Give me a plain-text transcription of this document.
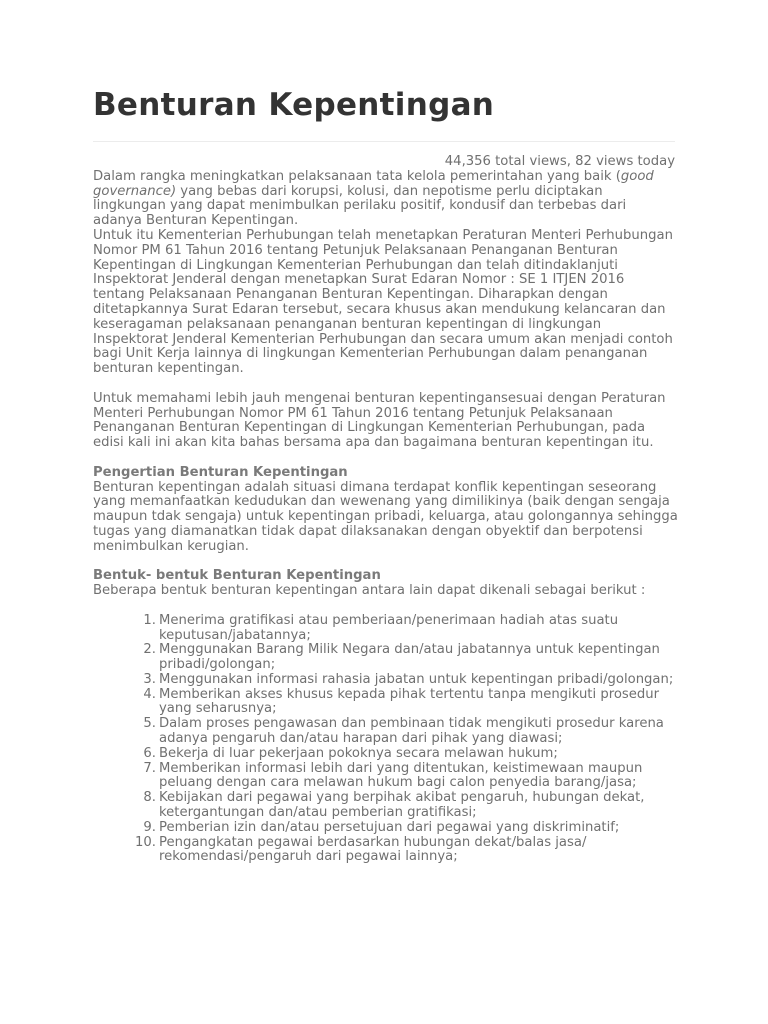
Benturan Kepentingan
44,356 total views, 82 views today

Dalam rangka meningkatkan pelaksanaan tata kelola pemerintahan yang baik (good governance) yang bebas dari korupsi, kolusi, dan nepotisme perlu diciptakan lingkungan yang dapat menimbulkan perilaku positif, kondusif dan terbebas dari adanya Benturan Kepentingan.

Untuk itu Kementerian Perhubungan telah menetapkan Peraturan Menteri Perhubungan Nomor PM 61 Tahun 2016 tentang Petunjuk Pelaksanaan Penanganan Benturan Kepentingan di Lingkungan Kementerian Perhubungan dan telah ditindaklanjuti Inspektorat Jenderal dengan menetapkan Surat Edaran Nomor : SE 1 ITJEN 2016 tentang Pelaksanaan Penanganan Benturan Kepentingan. Diharapkan dengan ditetapkannya Surat Edaran tersebut, secara khusus akan mendukung kelancaran dan keseragaman pelaksanaan penanganan benturan kepentingan di lingkungan Inspektorat Jenderal Kementerian Perhubungan dan secara umum akan menjadi contoh bagi Unit Kerja lainnya di lingkungan Kementerian Perhubungan dalam penanganan benturan kepentingan.

Untuk memahami lebih jauh mengenai benturan kepentingansesuai dengan Peraturan Menteri Perhubungan Nomor PM 61 Tahun 2016 tentang Petunjuk Pelaksanaan Penanganan Benturan Kepentingan di Lingkungan Kementerian Perhubungan, pada edisi kali ini akan kita bahas bersama apa dan bagaimana benturan kepentingan itu.

Pengertian Benturan Kepentingan

Benturan kepentingan adalah situasi dimana terdapat konflik kepentingan seseorang yang memanfaatkan kedudukan dan wewenang yang dimilikinya (baik dengan sengaja maupun tdak sengaja) untuk kepentingan pribadi, keluarga, atau golongannya sehingga tugas yang diamanatkan tidak dapat dilaksanakan dengan obyektif dan berpotensi menimbulkan kerugian.

Bentuk- bentuk Benturan Kepentingan

Beberapa bentuk benturan kepentingan antara lain dapat dikenali sebagai berikut :

1. Menerima gratifikasi atau pemberiaan/penerimaan hadiah atas suatu keputusan/jabatannya;
2. Menggunakan Barang Milik Negara dan/atau jabatannya untuk kepentingan pribadi/golongan;
3. Menggunakan informasi rahasia jabatan untuk kepentingan pribadi/golongan;
4. Memberikan akses khusus kepada pihak tertentu tanpa mengikuti prosedur yang seharusnya;
5. Dalam proses pengawasan dan pembinaan tidak mengikuti prosedur karena adanya pengaruh dan/atau harapan dari pihak yang diawasi;
6. Bekerja di luar pekerjaan pokoknya secara melawan hukum;
7. Memberikan informasi lebih dari yang ditentukan, keistimewaan maupun peluang dengan cara melawan hukum bagi calon penyedia barang/jasa;
8. Kebijakan dari pegawai yang berpihak akibat pengaruh, hubungan dekat, ketergantungan dan/atau pemberian gratifikasi;
9. Pemberian izin dan/atau persetujuan dari pegawai yang diskriminatif;
10. Pengangkatan pegawai berdasarkan hubungan dekat/balas jasa/ rekomendasi/pengaruh dari pegawai lainnya;
